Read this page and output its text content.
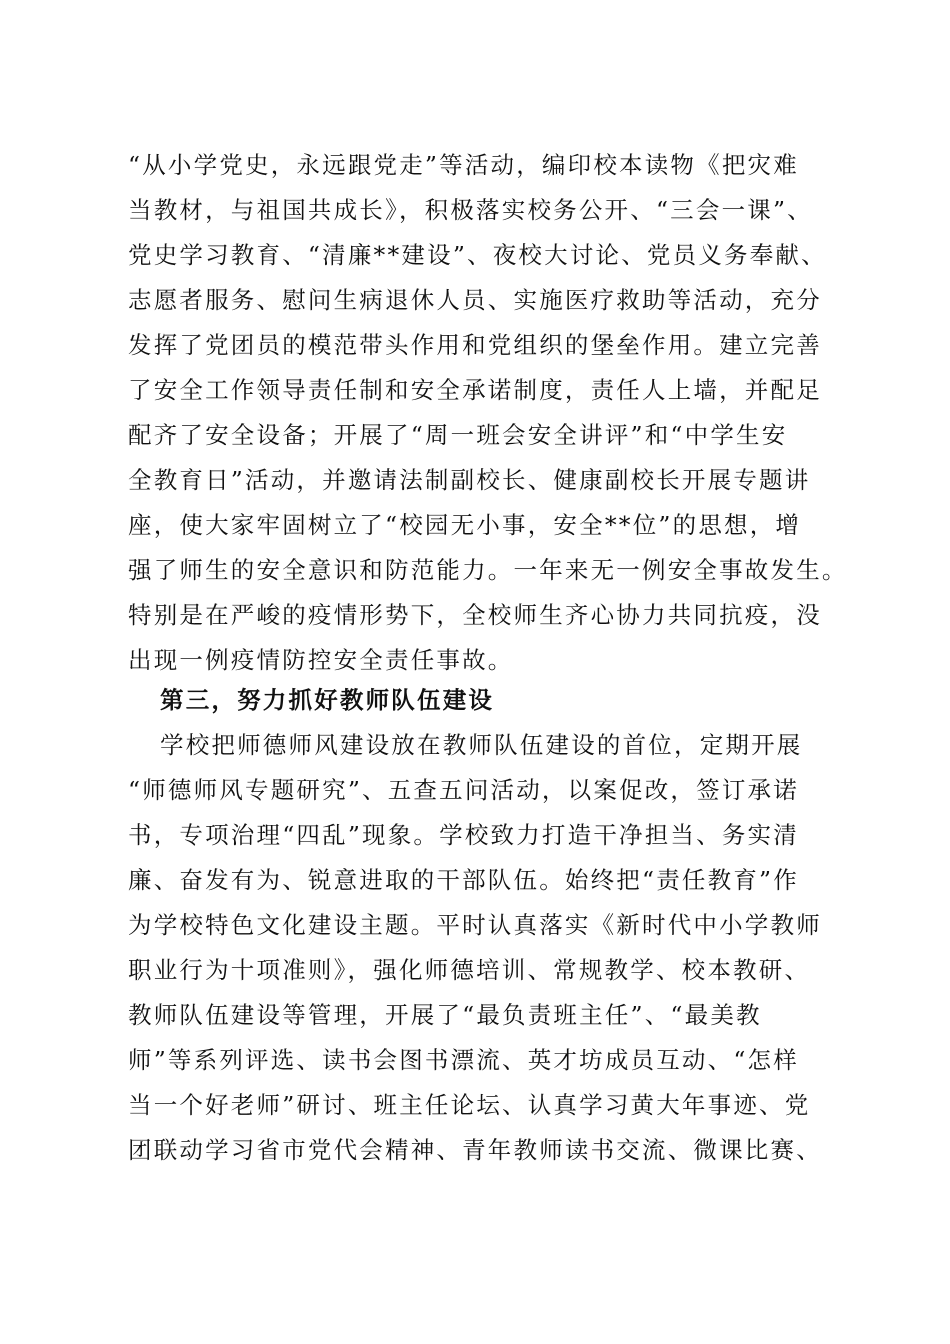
“从小学党史，永远跟党走”等活动，编印校本读物《把灾难
当教材，与祖国共成长》，积极落实校务公开、“三会一课”、
党史学习教育、“清廉**建设”、夜校大讨论、党员义务奉献、
志愿者服务、慰问生病退休人员、实施医疗救助等活动，充分
发挥了党团员的模范带头作用和党组织的堡垒作用。建立完善
了安全工作领导责任制和安全承诺制度，责任人上墙，并配足
配齐了安全设备；开展了“周一班会安全讲评”和“中学生安
全教育日”活动，并邀请法制副校长、健康副校长开展专题讲
座，使大家牢固树立了“校园无小事，安全**位”的思想，增
强了师生的安全意识和防范能力。一年来无一例安全事故发生。
特别是在严峻的疫情形势下，全校师生齐心协力共同抗疫，没
出现一例疫情防控安全责任事故。
第三，努力抓好教师队伍建设
学校把师德师风建设放在教师队伍建设的首位，定期开展
“师德师风专题研究”、五查五问活动，以案促改，签订承诺
书，专项治理“四乱”现象。学校致力打造干净担当、务实清
廉、奋发有为、锐意进取的干部队伍。始终把“责任教育”作
为学校特色文化建设主题。平时认真落实《新时代中小学教师
职业行为十项准则》，强化师德培训、常规教学、校本教研、
教师队伍建设等管理，开展了“最负责班主任”、“最美教
师”等系列评选、读书会图书漂流、英才坊成员互动、“怎样
当一个好老师”研讨、班主任论坛、认真学习黄大年事迹、党
团联动学习省市党代会精神、青年教师读书交流、微课比赛、
